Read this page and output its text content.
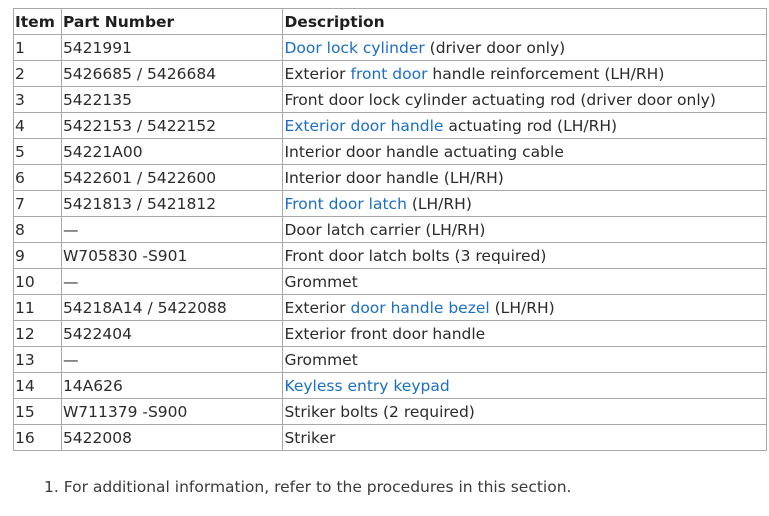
Item	Part Number	Description
1	5421991	Door lock cylinder (driver door only)
2	5426685 / 5426684	Exterior front door handle reinforcement (LH/RH)
3	5422135	Front door lock cylinder actuating rod (driver door only)
4	5422153 / 5422152	Exterior door handle actuating rod (LH/RH)
5	54221A00	Interior door handle actuating cable
6	5422601 / 5422600	Interior door handle (LH/RH)
7	5421813 / 5421812	Front door latch (LH/RH)
8	—	Door latch carrier (LH/RH)
9	W705830 -S901	Front door latch bolts (3 required)
10	—	Grommet
11	54218A14 / 5422088	Exterior door handle bezel (LH/RH)
12	5422404	Exterior front door handle
13	—	Grommet
14	14A626	Keyless entry keypad
15	W711379 -S900	Striker bolts (2 required)
16	5422008	Striker

1. For additional information, refer to the procedures in this section.
